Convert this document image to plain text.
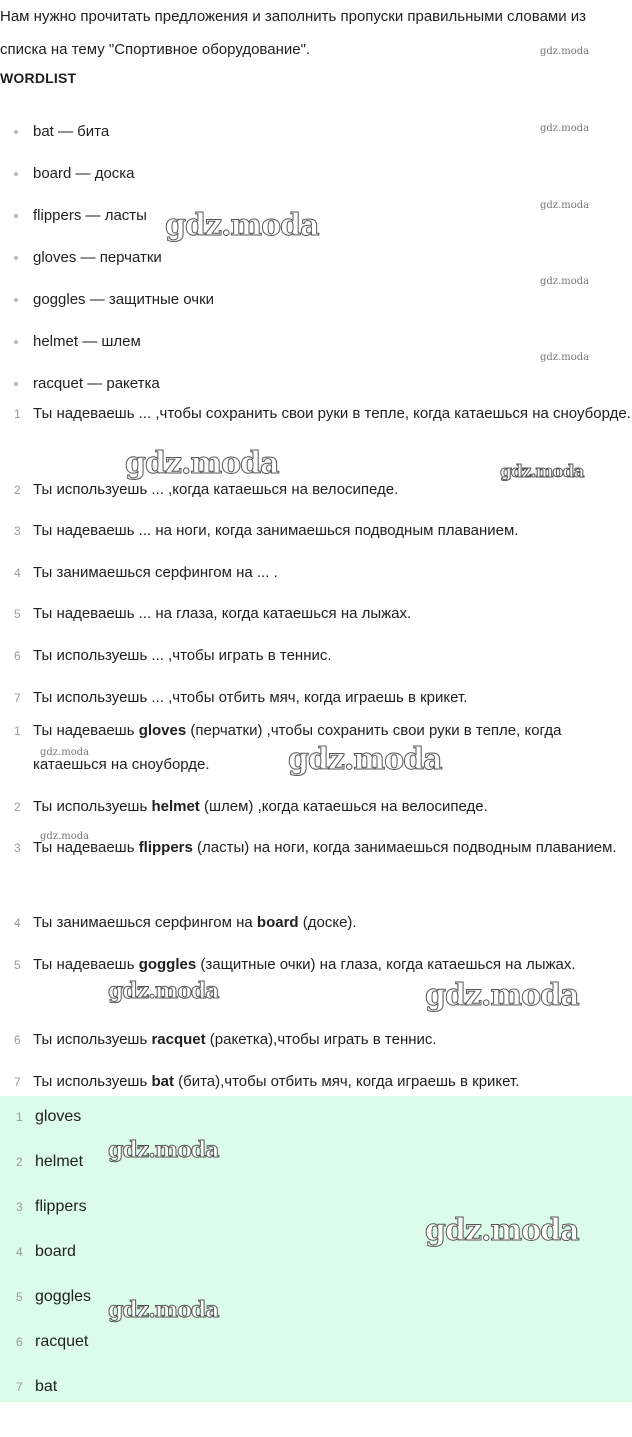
Нам нужно прочитать предложения и заполнить пропуски правильными словами из списка на тему "Спортивное оборудование".
WORDLIST
bat — бита
board — доска
flippers — ласты
gloves — перчатки
goggles — защитные очки
helmet — шлем
racquet — ракетка
1 Ты надеваешь ... ,чтобы сохранить свои руки в тепле, когда катаешься на сноуборде.
2 Ты используешь ... ,когда катаешься на велосипеде.
3 Ты надеваешь ... на ноги, когда занимаешься подводным плаванием.
4 Ты занимаешься серфингом на ... .
5 Ты надеваешь ... на глаза, когда катаешься на лыжах.
6 Ты используешь ... ,чтобы играть в теннис.
7 Ты используешь ... ,чтобы отбить мяч, когда играешь в крикет.
1 Ты надеваешь gloves (перчатки) ,чтобы сохранить свои руки в тепле, когда катаешься на сноуборде.
2 Ты используешь helmet (шлем) ,когда катаешься на велосипеде.
3 Ты надеваешь flippers (ласты) на ноги, когда занимаешься подводным плаванием.
4 Ты занимаешься серфингом на board (доске).
5 Ты надеваешь goggles (защитные очки) на глаза, когда катаешься на лыжах.
6 Ты используешь racquet (ракетка),чтобы играть в теннис.
7 Ты используешь bat (бита),чтобы отбить мяч, когда играешь в крикет.
1 gloves
2 helmet
3 flippers
4 board
5 goggles
6 racquet
7 bat
gdz.moda
gdz.moda
gdz.moda
gdz.moda
gdz.moda
gdz.moda
gdz.moda	gdz.moda
gdz.moda	gdz.moda
gdz.moda
gdz.moda	gdz.moda
gdz.moda
gdz.moda
gdz.moda
